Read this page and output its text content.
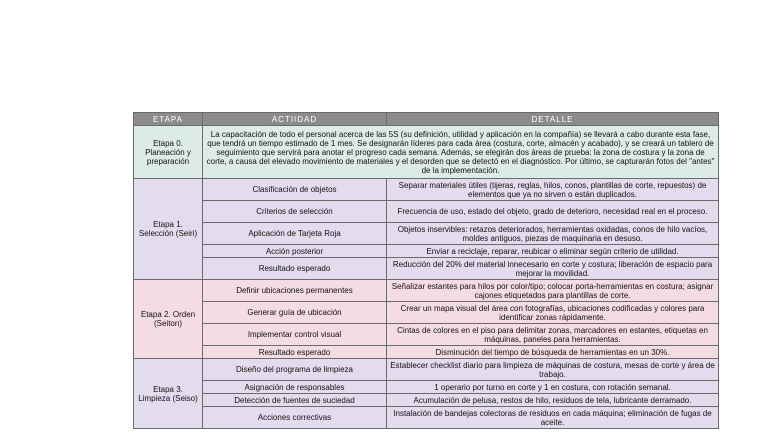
ETAPA	ACTIIDAD	DETALLE
Etapa 0. Planeación y preparación	La capacitación de todo el personal acerca de las 5S (su definición, utilidad y aplicación en la compañía) se llevará a cabo durante esta fase, que tendrá un tiempo estimado de 1 mes. Se designarán líderes para cada área (costura, corte, almacén y acabado), y se creará un tablero de seguimiento que servirá para anotar el progreso cada semana. Además, se elegirán dos áreas de prueba: la zona de costura y la zona de corte, a causa del elevado movimiento de materiales y el desorden que se detectó en el diagnóstico. Por último, se capturarán fotos del "antes" de la implementación.	
Etapa 1. Selección (Seiri)	Clasificación de objetos	Separar materiales útiles (tijeras, reglas, hilos, conos, plantillas de corte, repuestos) de elementos que ya no sirven o están duplicados.
	Criterios de selección	Frecuencia de uso, estado del objeto, grado de deterioro, necesidad real en el proceso.
	Aplicación de Tarjeta Roja	Objetos inservibles: retazos deteriorados, herramientas oxidadas, conos de hilo vacíos, moldes antiguos, piezas de maquinaria en desuso.
	Acción posterior	Enviar a reciclaje, reparar, reubicar o eliminar según criterio de utilidad.
	Resultado esperado	Reducción del 20% del material innecesario en corte y costura; liberación de espacio para mejorar la movilidad.
Etapa 2. Orden (Seiton)	Definir ubicaciones permanentes	Señalizar estantes para hilos por color/tipo; colocar porta-herramientas en costura; asignar cajones etiquetados para plantillas de corte.
	Generar guía de ubicación	Crear un mapa visual del área con fotografías, ubicaciones codificadas y colores para identificar zonas rápidamente.
	Implementar control visual	Cintas de colores en el piso para delimitar zonas, marcadores en estantes, etiquetas en máquinas, paneles para herramientas.
	Resultado esperado	Disminución del tiempo de búsqueda de herramientas en un 30%.
Etapa 3. Limpieza (Seiso)	Diseño del programa de limpieza	Establecer checklist diario para limpieza de máquinas de costura, mesas de corte y área de trabajo.
	Asignación de responsables	1 operario por turno en corte y 1 en costura, con rotación semanal.
	Detección de fuentes de suciedad	Acumulación de pelusa, restos de hilo, residuos de tela, lubricante derramado.
	Acciones correctivas	Instalación de bandejas colectoras de residuos en cada máquina; eliminación de fugas de aceite.
